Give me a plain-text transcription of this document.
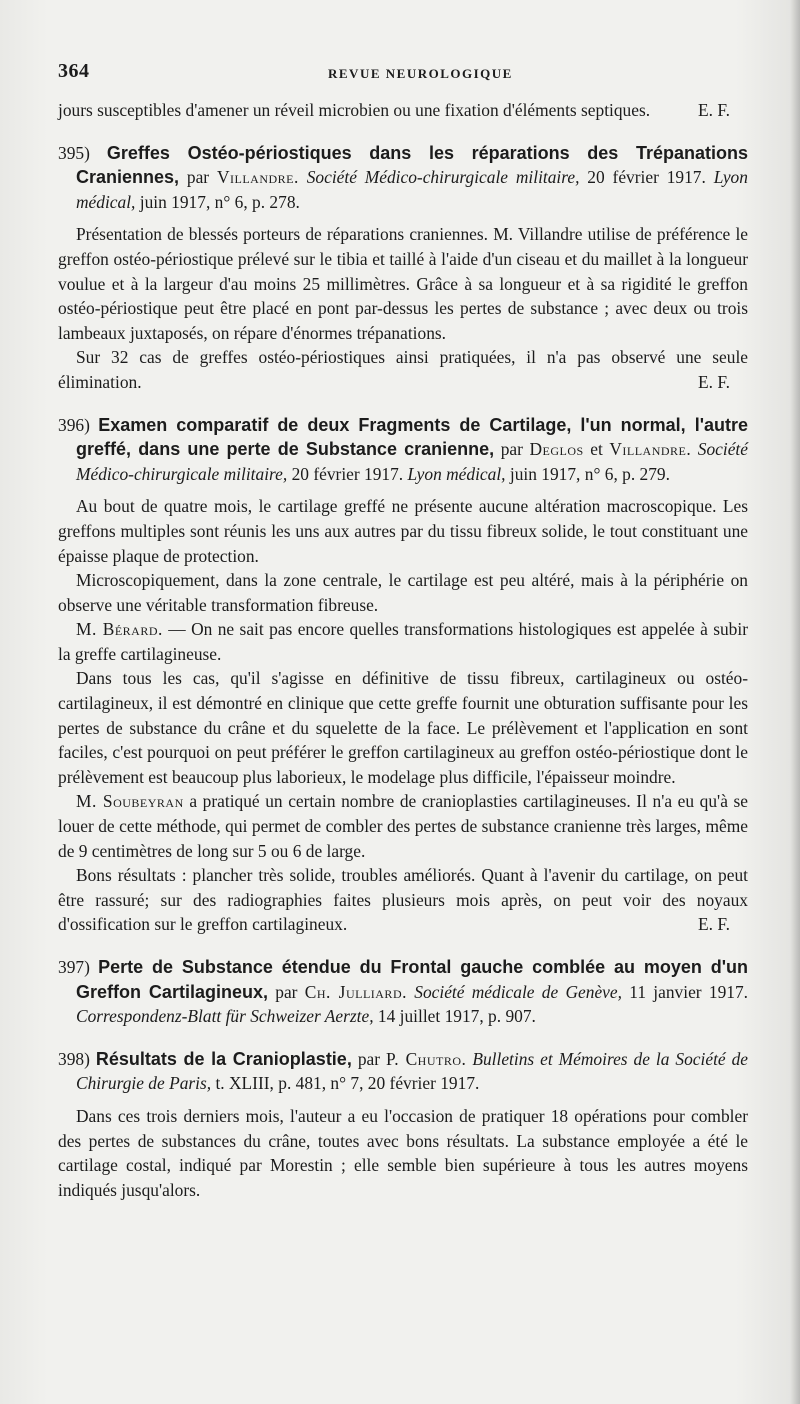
364	REVUE NEUROLOGIQUE

jours susceptibles d'amener un réveil microbien ou une fixation d'éléments septiques.	E. F.

395) Greffes Ostéo-périostiques dans les réparations des Trépanations Craniennes, par Villandre. Société Médico-chirurgicale militaire, 20 février 1917. Lyon médical, juin 1917, n° 6, p. 278.

Présentation de blessés porteurs de réparations craniennes. M. Villandre utilise de préférence le greffon ostéo-périostique prélevé sur le tibia et taillé à l'aide d'un ciseau et du maillet à la longueur voulue et à la largeur d'au moins 25 millimètres. Grâce à sa longueur et à sa rigidité le greffon ostéo-périostique peut être placé en pont par-dessus les pertes de substance ; avec deux ou trois lambeaux juxtaposés, on répare d'énormes trépanations.

Sur 32 cas de greffes ostéo-périostiques ainsi pratiquées, il n'a pas observé une seule élimination.	E. F.

396) Examen comparatif de deux Fragments de Cartilage, l'un normal, l'autre greffé, dans une perte de Substance cranienne, par Deglos et Villandre. Société Médico-chirurgicale militaire, 20 février 1917. Lyon médical, juin 1917, n° 6, p. 279.

Au bout de quatre mois, le cartilage greffé ne présente aucune altération macroscopique. Les greffons multiples sont réunis les uns aux autres par du tissu fibreux solide, le tout constituant une épaisse plaque de protection.

Microscopiquement, dans la zone centrale, le cartilage est peu altéré, mais à la périphérie on observe une véritable transformation fibreuse.

M. Bérard. — On ne sait pas encore quelles transformations histologiques est appelée à subir la greffe cartilagineuse.

Dans tous les cas, qu'il s'agisse en définitive de tissu fibreux, cartilagineux ou ostéo-cartilagineux, il est démontré en clinique que cette greffe fournit une obturation suffisante pour les pertes de substance du crâne et du squelette de la face. Le prélèvement et l'application en sont faciles, c'est pourquoi on peut préférer le greffon cartilagineux au greffon ostéo-périostique dont le prélèvement est beaucoup plus laborieux, le modelage plus difficile, l'épaisseur moindre.

M. Soubeyran a pratiqué un certain nombre de cranioplasties cartilagineuses. Il n'a eu qu'à se louer de cette méthode, qui permet de combler des pertes de substance cranienne très larges, même de 9 centimètres de long sur 5 ou 6 de large.

Bons résultats : plancher très solide, troubles améliorés. Quant à l'avenir du cartilage, on peut être rassuré; sur des radiographies faites plusieurs mois après, on peut voir des noyaux d'ossification sur le greffon cartilagineux.	E. F.

397) Perte de Substance étendue du Frontal gauche comblée au moyen d'un Greffon Cartilagineux, par Ch. Julliard. Société médicale de Genève, 11 janvier 1917. Correspondenz-Blatt für Schweizer Aerzte, 14 juillet 1917, p. 907.

398) Résultats de la Cranioplastie, par P. Chutro. Bulletins et Mémoires de la Société de Chirurgie de Paris, t. XLIII, p. 481, n° 7, 20 février 1917.

Dans ces trois derniers mois, l'auteur a eu l'occasion de pratiquer 18 opérations pour combler des pertes de substances du crâne, toutes avec bons résultats. La substance employée a été le cartilage costal, indiqué par Morestin ; elle semble bien supérieure à tous les autres moyens indiqués jusqu'alors.
